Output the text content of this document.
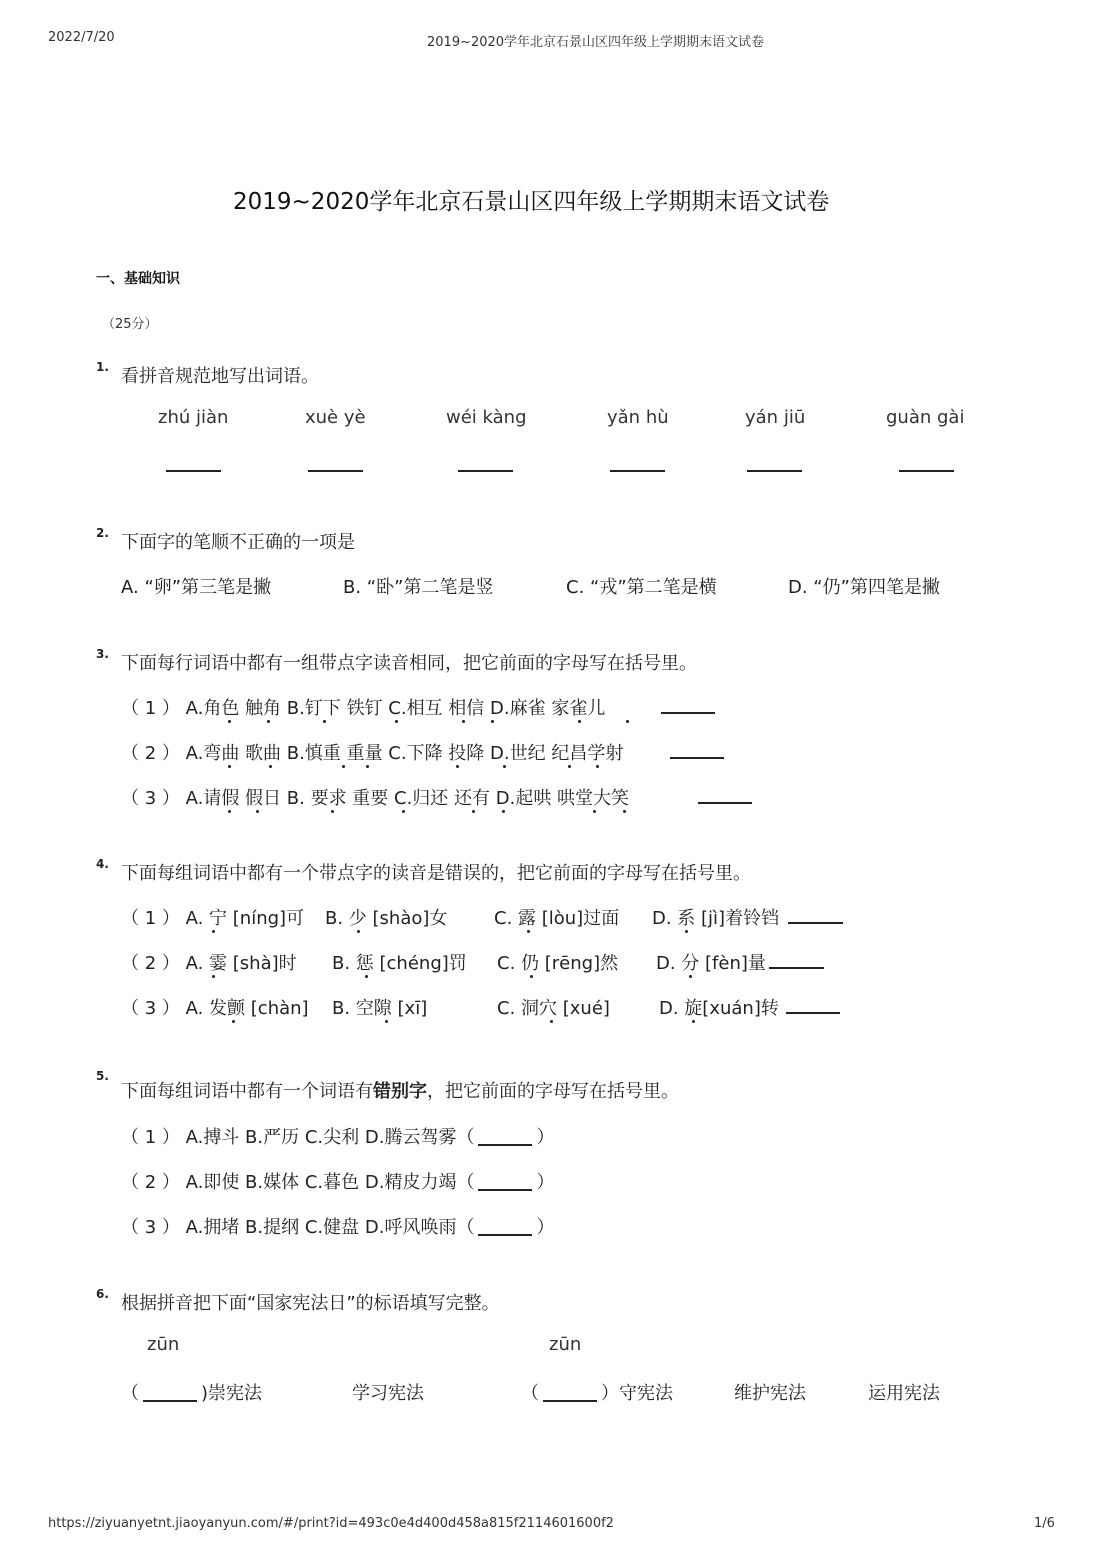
2022/7/20	2019~2020学年北京石景山区四年级上学期期末语文试卷
2019~2020学年北京石景山区四年级上学期期末语文试卷
一、基础知识
（25分）
1. 看拼音规范地写出词语。
zhú jiàn	xuè yè	wéi kàng	yǎn hù	yán jiū	guàn gài
2. 下面字的笔顺不正确的一项是
A. “卵”第三笔是撇	B. “卧”第二笔是竖	C. “戎”第二笔是横	D. “仍”第四笔是撇
3. 下面每行词语中都有一组带点字读音相同，把它前面的字母写在括号里。
（ 1 ） A.角色 触角 B.钉下 铁钉 C.相互 相信 D.麻雀 家雀儿
（ 2 ） A.弯曲 歌曲 B.慎重 重量 C.下降 投降 D.世纪 纪昌学射
（ 3 ） A.请假 假日 B. 要求 重要 C.归还 还有 D.起哄 哄堂大笑
4. 下面每组词语中都有一个带点字的读音是错误的，把它前面的字母写在括号里。
（ 1 ） A. 宁 [níng]可 B. 少 [shào]女	C. 露 [lòu]过面 D. 系 [jì]着铃铛
（ 2 ） A. 霎 [shà]时 B. 惩 [chéng]罚 C. 仍 [rēng]然 D. 分 [fèn]量
（ 3 ） A. 发颤 [chàn] B. 空隙 [xī]	C. 洞穴 [xué]	D. 旋[xuán]转
5.
下面每组词语中都有一个词语有错别字，把它前面的字母写在括号里。
（ 1 ） A.搏斗 B.严历 C.尖利 D.腾云驾雾（	）
（ 2 ） A.即使 B.媒体 C.暮色 D.精皮力竭（	）
（ 3 ） A.拥堵 B.提纲 C.健盘 D.呼风唤雨（	）
6. 根据拼音把下面“国家宪法日”的标语填写完整。
zūn	zūn
（	)崇宪法	学习宪法	（	）守宪法	维护宪法	运用宪法
https://ziyuanyetnt.jiaoyanyun.com/#/print?id=493c0e4d400d458a815f2114601600f2	1/6
